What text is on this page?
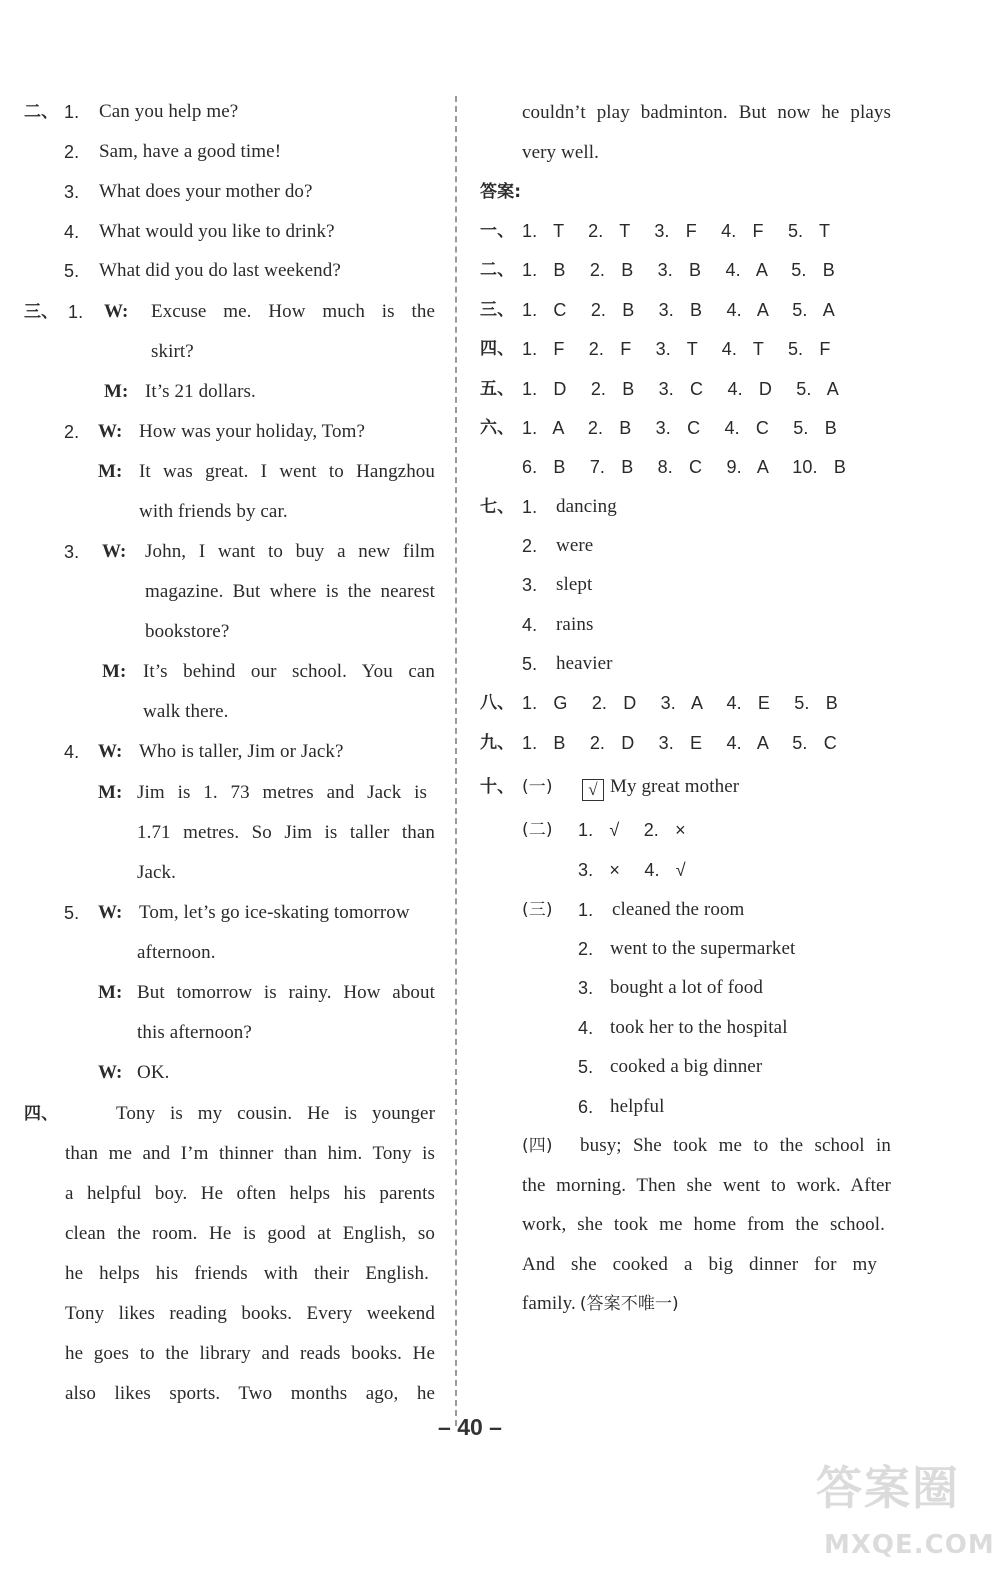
二、 1. Can you help me?
2. Sam, have a good time!
3. What does your mother do?
4. What would you like to drink?
5. What did you do last weekend?
三、 1. W: Excuse me. How much is the
skirt?
M: It’s 21 dollars.
2. W: How was your holiday, Tom?
M: It was great. I went to Hangzhou
with friends by car.
3. W: John, I want to buy a new film
magazine. But where is the nearest
bookstore?
M: It’s behind our school. You can
walk there.
4. W: Who is taller, Jim or Jack?
M: Jim is 1. 73 metres and Jack is
1.71 metres. So Jim is taller than
Jack.
5. W: Tom, let’s go ice-skating tomorrow
afternoon.
M: But tomorrow is rainy. How about
this afternoon?
W: OK.
四、	Tony is my cousin. He is younger
than me and I’m thinner than him. Tony is
a helpful boy. He often helps his parents
clean the room. He is good at English, so
he helps his friends with their English.
Tony likes reading books. Every weekend
he goes to the library and reads books. He
also likes sports. Two months ago, he
couldn’t play badminton. But now he plays
very well.
答案:
一、 1.  T   2.  T   3.  F   4.  F   5.  T
二、 1.  B   2.  B   3.  B   4.  A   5.  B
三、 1.  C   2.  B   3.  B   4.  A   5.  A
四、 1.  F   2.  F   3.  T   4.  T   5.  F
五、 1.  D   2.  B   3.  C   4.  D   5.  A
六、 1.  A   2.  B   3.  C   4.  C   5.  B
6.  B   7.  B   8.  C   9.  A   10.  B
七、 1. dancing
2. were
3. slept
4. rains
5. heavier
八、 1.  G   2.  D   3.  A   4.  E   5.  B
九、 1.  B   2.  D   3.  E   4.  A   5.  C
十、 (一)	√ My great mother
(二) 1.  √   2.  ×
3.  ×   4.  √
(三) 1. cleaned the room
2. went to the supermarket
3. bought a lot of food
4. took her to the hospital
5. cooked a big dinner
6. helpful
(四) busy; She took me to the school in
the morning. Then she went to work. After
work, she took me home from the school.
And she cooked a big dinner for my
family. (答案不唯一)
– 40 –
答案圈
MXQE.COM
